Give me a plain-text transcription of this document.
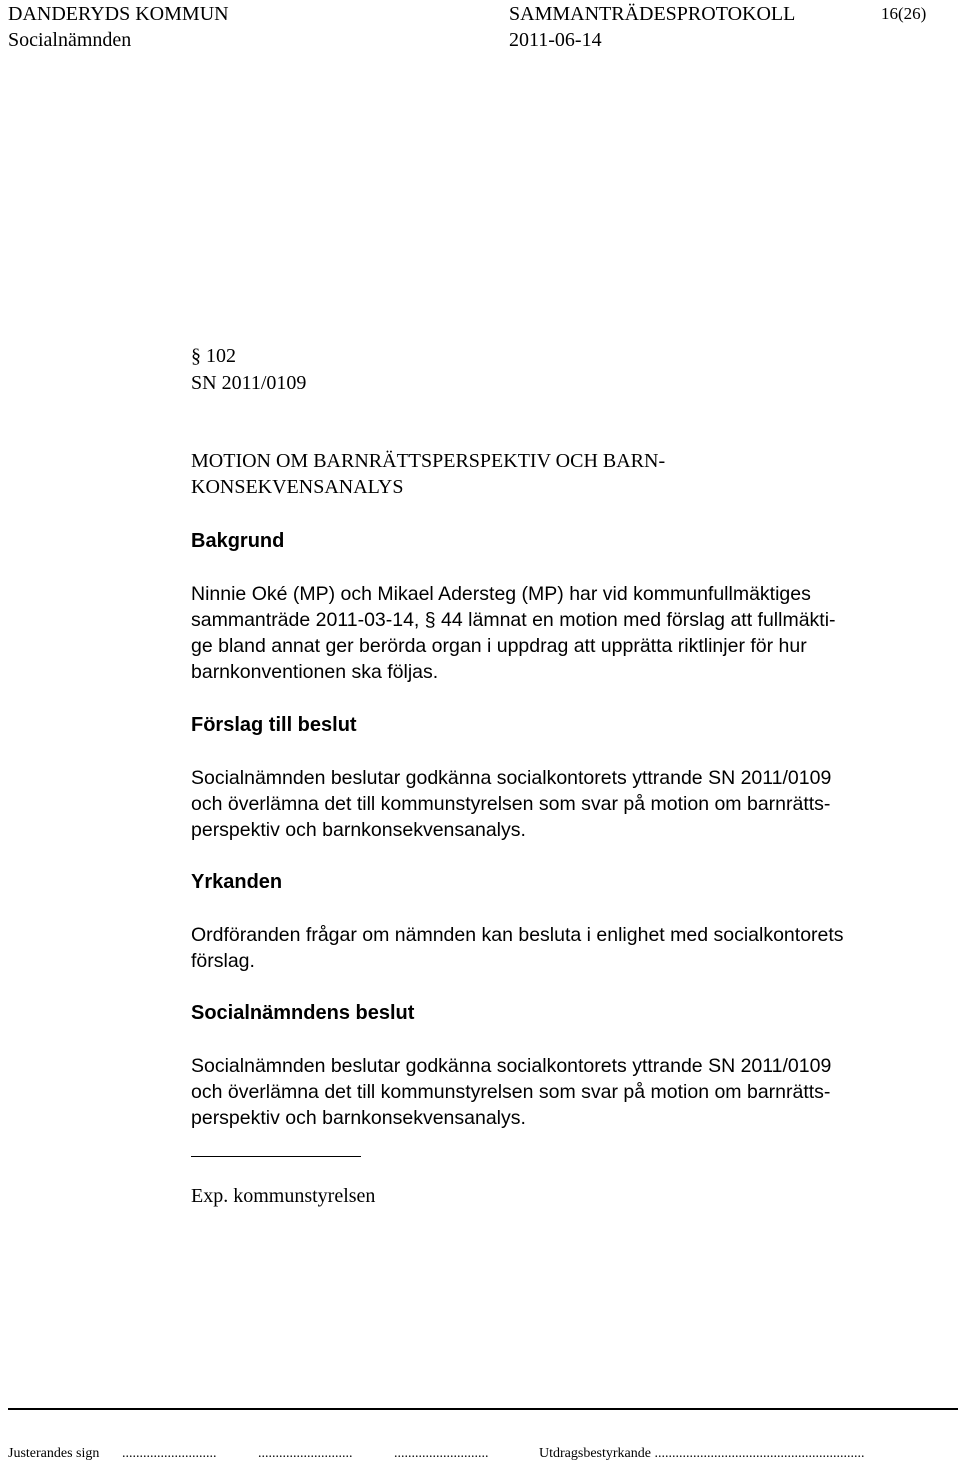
DANDERYDS KOMMUN	SAMMANTRÄDESPROTOKOLL	16(26)
Socialnämnden	2011-06-14
§ 102
SN 2011/0109
MOTION OM BARNRÄTTSPERSPEKTIV OCH BARN-
KONSEKVENSANALYS
Bakgrund
Ninnie Oké (MP) och Mikael Adersteg (MP) har vid kommunfullmäktiges
sammanträde 2011-03-14, § 44 lämnat en motion med förslag att fullmäkti-
ge bland annat ger berörda organ i uppdrag att upprätta riktlinjer för hur
barnkonventionen ska följas.
Förslag till beslut
Socialnämnden beslutar godkänna socialkontorets yttrande SN 2011/0109
och överlämna det till kommunstyrelsen som svar på motion om barnrätts-
perspektiv och barnkonsekvensanalys.
Yrkanden
Ordföranden frågar om nämnden kan besluta i enlighet med socialkontorets
förslag.
Socialnämndens beslut
Socialnämnden beslutar godkänna socialkontorets yttrande SN 2011/0109
och överlämna det till kommunstyrelsen som svar på motion om barnrätts-
perspektiv och barnkonsekvensanalys.
Exp. kommunstyrelsen
Justerandes sign ...........................	...........................	...........................	Utdragsbestyrkande ............................................................
